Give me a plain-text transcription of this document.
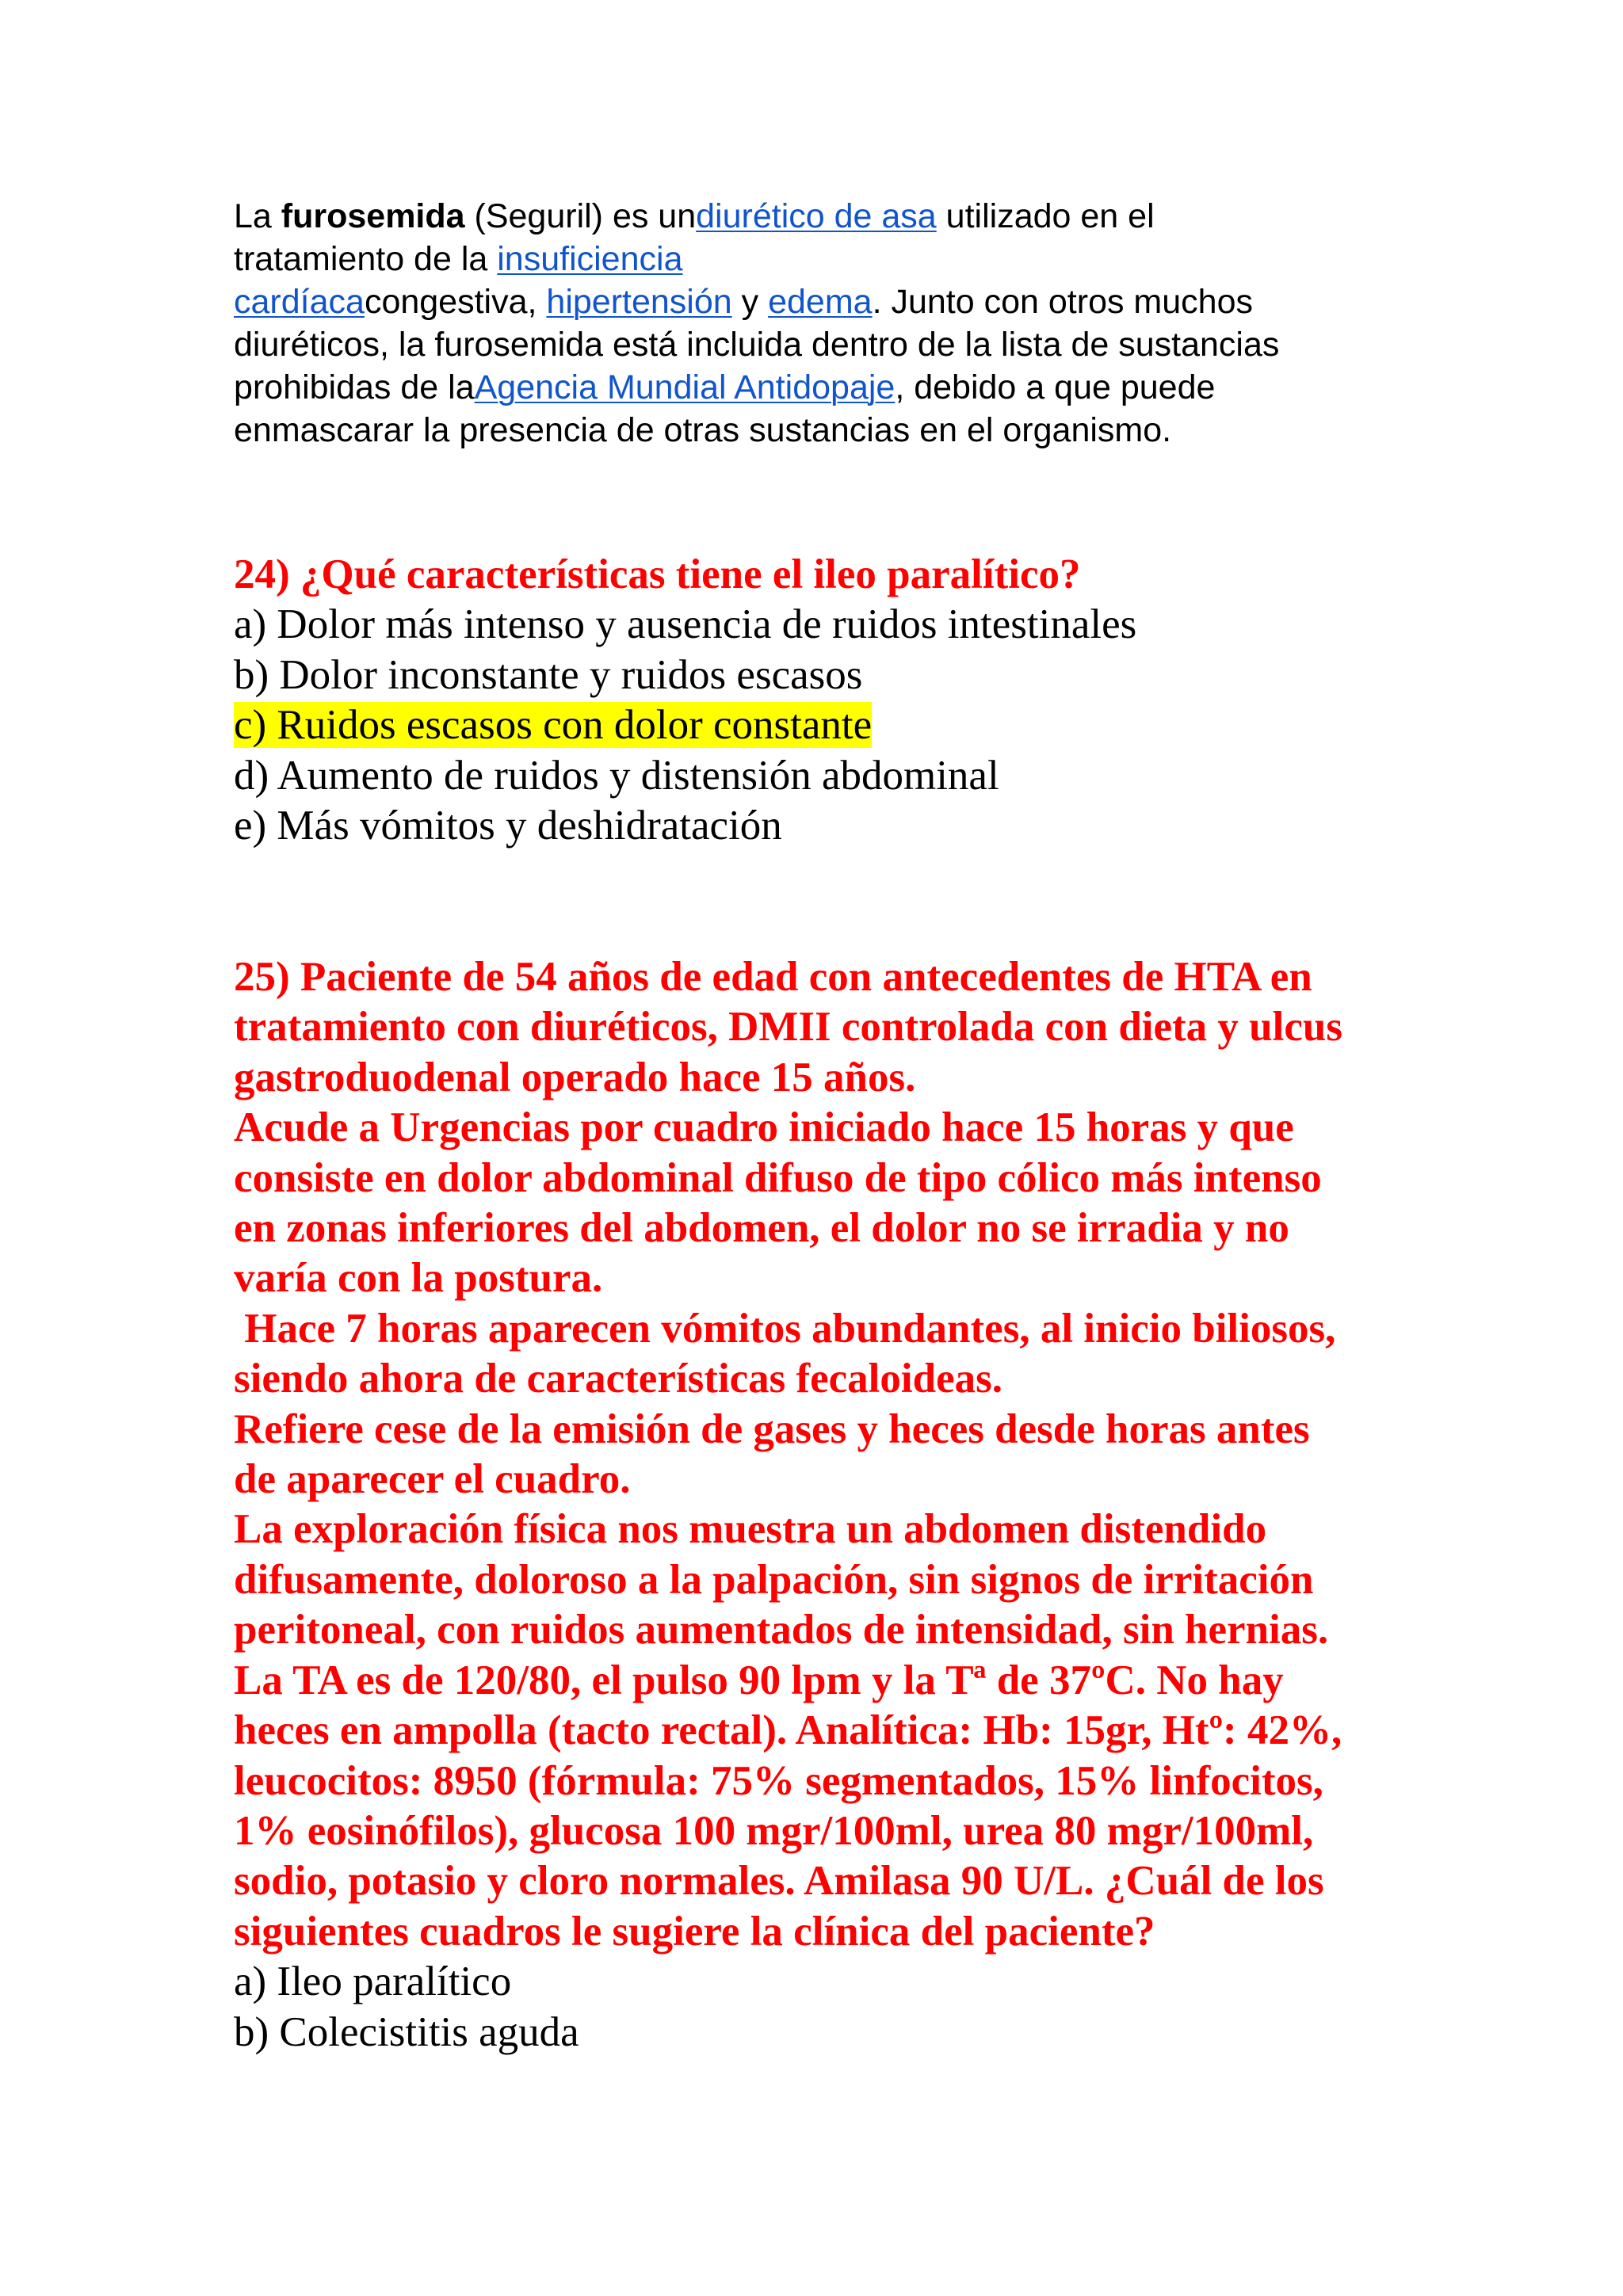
La furosemida (Seguril) es undiurético de asa utilizado en el
tratamiento de la insuficiencia
cardíacacongestiva, hipertensión y edema. Junto con otros muchos
diuréticos, la furosemida está incluida dentro de la lista de sustancias
prohibidas de laAgencia Mundial Antidopaje, debido a que puede
enmascarar la presencia de otras sustancias en el organismo.
24) ¿Qué características tiene el ileo paralítico?
a) Dolor más intenso y ausencia de ruidos intestinales
b) Dolor inconstante y ruidos escasos
c) Ruidos escasos con dolor constante
d) Aumento de ruidos y distensión abdominal
e) Más vómitos y deshidratación
25) Paciente de 54 años de edad con antecedentes de HTA en
tratamiento con diuréticos, DMII controlada con dieta y ulcus
gastroduodenal operado hace 15 años.
Acude a Urgencias por cuadro iniciado hace 15 horas y que
consiste en dolor abdominal difuso de tipo cólico más intenso
en zonas inferiores del abdomen, el dolor no se irradia y no
varía con la postura.
Hace 7 horas aparecen vómitos abundantes, al inicio biliosos,
siendo ahora de características fecaloideas.
Refiere cese de la emisión de gases y heces desde horas antes
de aparecer el cuadro.
La exploración física nos muestra un abdomen distendido
difusamente, doloroso a la palpación, sin signos de irritación
peritoneal, con ruidos aumentados de intensidad, sin hernias.
La TA es de 120/80, el pulso 90 lpm y la Tª de 37ºC. No hay
heces en ampolla (tacto rectal). Analítica: Hb: 15gr, Htº: 42%,
leucocitos: 8950 (fórmula: 75% segmentados, 15% linfocitos,
1% eosinófilos), glucosa 100 mgr/100ml, urea 80 mgr/100ml,
sodio, potasio y cloro normales. Amilasa 90 U/L. ¿Cuál de los
siguientes cuadros le sugiere la clínica del paciente?
a) Ileo paralítico
b) Colecistitis aguda
